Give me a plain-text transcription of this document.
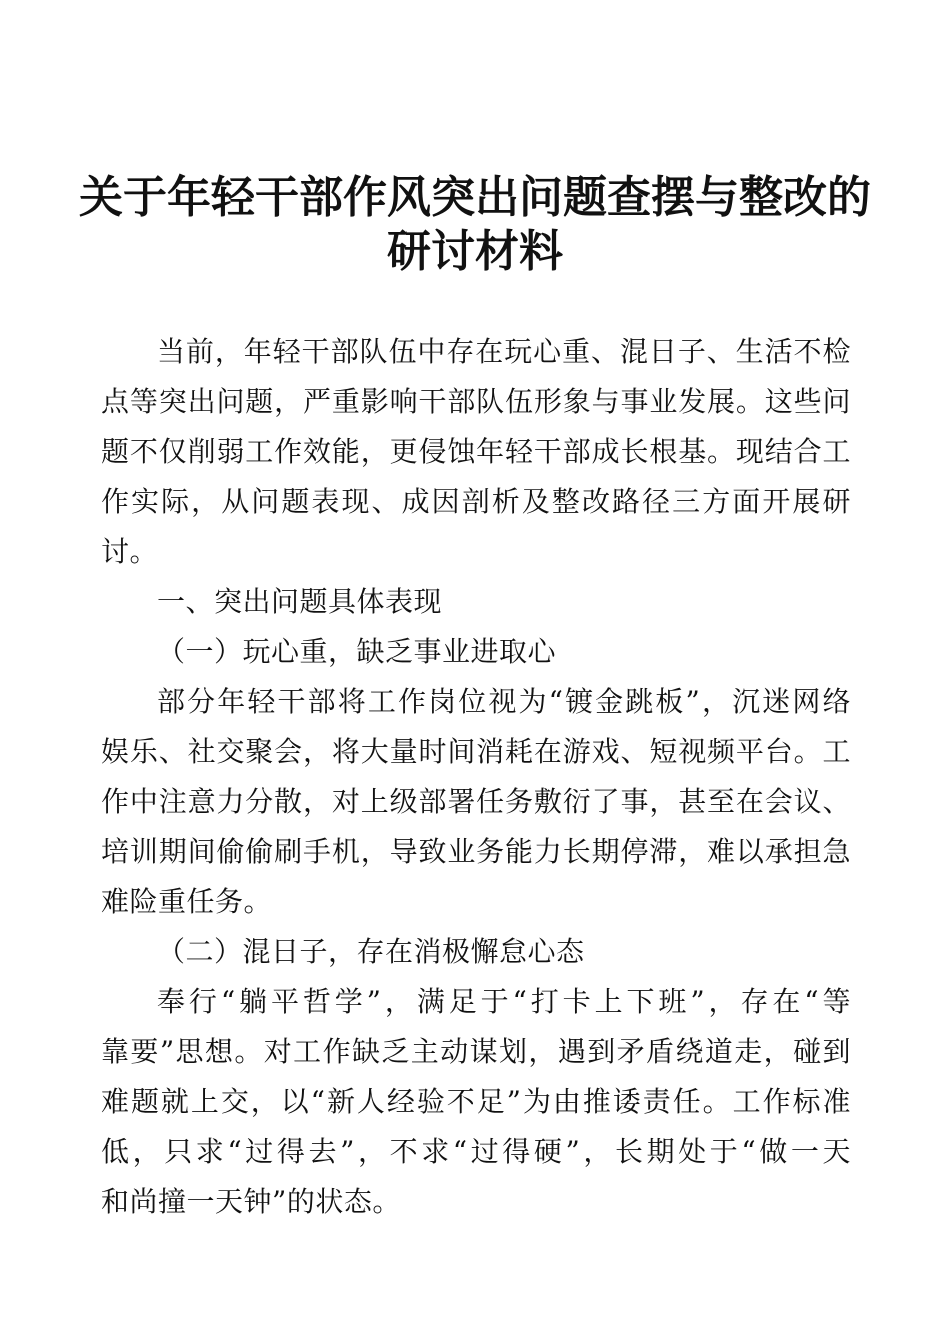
关于年轻干部作风突出问题查摆与整改的
研讨材料
当前，年轻干部队伍中存在玩心重、混日子、生活不检
点等突出问题，严重影响干部队伍形象与事业发展。这些问
题不仅削弱工作效能，更侵蚀年轻干部成长根基。现结合工
作实际，从问题表现、成因剖析及整改路径三方面开展研
讨。
一、突出问题具体表现
（一）玩心重，缺乏事业进取心
部分年轻干部将工作岗位视为“镀金跳板”，沉迷网络
娱乐、社交聚会，将大量时间消耗在游戏、短视频平台。工
作中注意力分散，对上级部署任务敷衍了事，甚至在会议、
培训期间偷偷刷手机，导致业务能力长期停滞，难以承担急
难险重任务。
（二）混日子，存在消极懈怠心态
奉行“躺平哲学”，满足于“打卡上下班”，存在“等
靠要”思想。对工作缺乏主动谋划，遇到矛盾绕道走，碰到
难题就上交，以“新人经验不足”为由推诿责任。工作标准
低，只求“过得去”，不求“过得硬”，长期处于“做一天
和尚撞一天钟”的状态。
